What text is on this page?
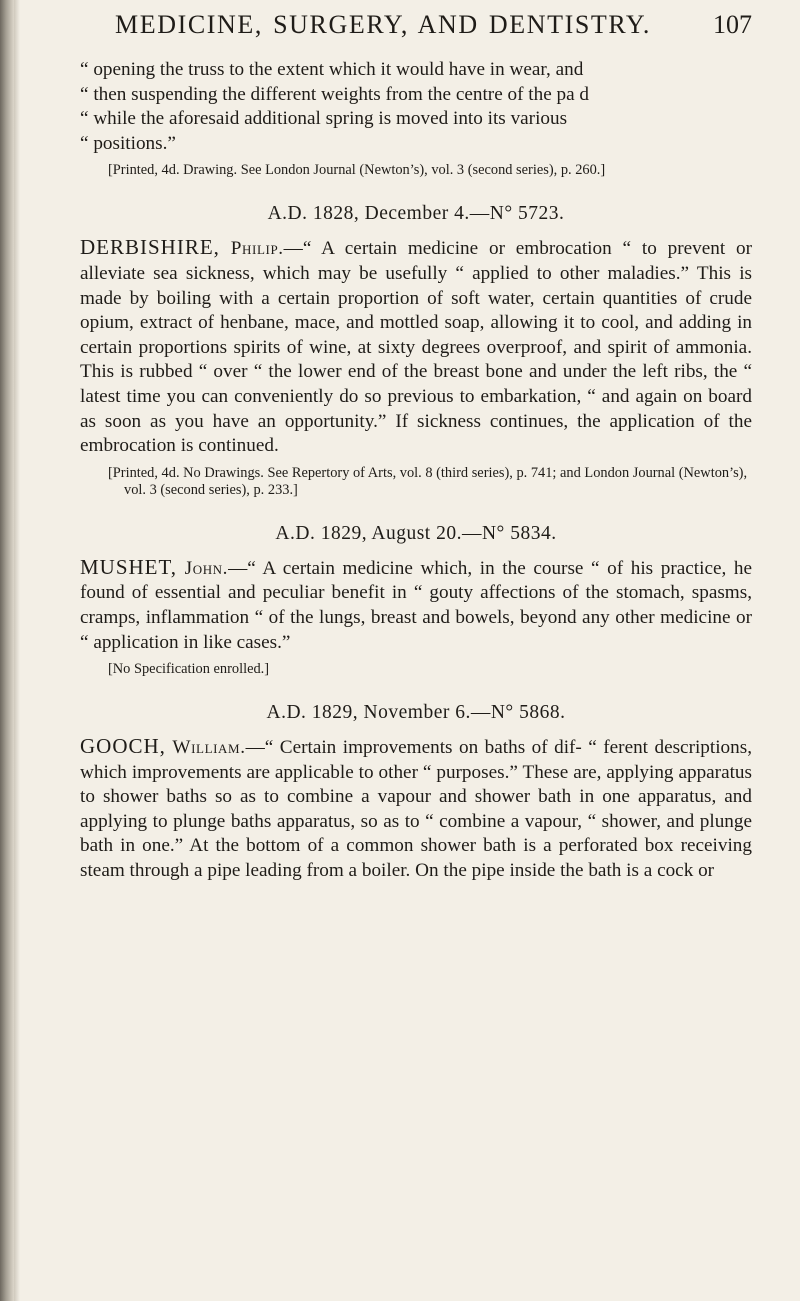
MEDICINE, SURGERY, AND DENTISTRY. 107
“ opening the truss to the extent which it would have in wear, and
“ then suspending the different weights from the centre of the pa d
“ while the aforesaid additional spring is moved into its various
“ positions.”

[Printed, 4d. Drawing. See London Journal (Newton’s), vol. 3 (second series), p. 260.]

A.D. 1828, December 4.—N° 5723.

DERBISHIRE, Philip.—“ A certain medicine or embrocation “ to prevent or alleviate sea sickness, which may be usefully “ applied to other maladies.” This is made by boiling with a certain proportion of soft water, certain quantities of crude opium, extract of henbane, mace, and mottled soap, allowing it to cool, and adding in certain proportions spirits of wine, at sixty degrees overproof, and spirit of ammonia. This is rubbed “ over “ the lower end of the breast bone and under the left ribs, the “ latest time you can conveniently do so previous to embarkation, “ and again on board as soon as you have an opportunity.” If sickness continues, the application of the embrocation is continued.

[Printed, 4d. No Drawings. See Repertory of Arts, vol. 8 (third series), p. 741; and London Journal (Newton’s), vol. 3 (second series), p. 233.]

A.D. 1829, August 20.—N° 5834.

MUSHET, John.—“ A certain medicine which, in the course “ of his practice, he found of essential and peculiar benefit in “ gouty affections of the stomach, spasms, cramps, inflammation “ of the lungs, breast and bowels, beyond any other medicine or “ application in like cases.”

[No Specification enrolled.]

A.D. 1829, November 6.—N° 5868.

GOOCH, William.—“ Certain improvements on baths of dif- “ ferent descriptions, which improvements are applicable to other “ purposes.” These are, applying apparatus to shower baths so as to combine a vapour and shower bath in one apparatus, and applying to plunge baths apparatus, so as to “ combine a vapour, “ shower, and plunge bath in one.” At the bottom of a common shower bath is a perforated box receiving steam through a pipe leading from a boiler. On the pipe inside the bath is a cock or
